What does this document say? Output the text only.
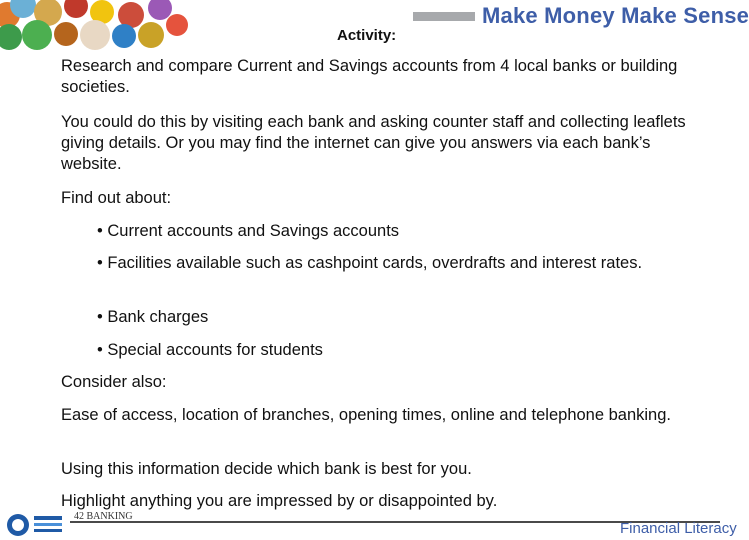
Make Money Make Sense
Activity:

Research and compare Current and Savings accounts from 4 local banks or building societies.

You could do this by visiting each bank and asking counter staff and collecting leaflets giving details. Or you may find the internet can give you answers via each bank’s website.

Find out about:

• Current accounts and Savings accounts

• Facilities available such as cashpoint cards, overdrafts and interest rates.

• Bank charges

• Special accounts for students

Consider also:

Ease of access, location of branches, opening times, online and telephone banking.

Using this information decide which bank is best for you.

Highlight anything you are impressed by or disappointed by.

42 BANKING
Financial Literacy
